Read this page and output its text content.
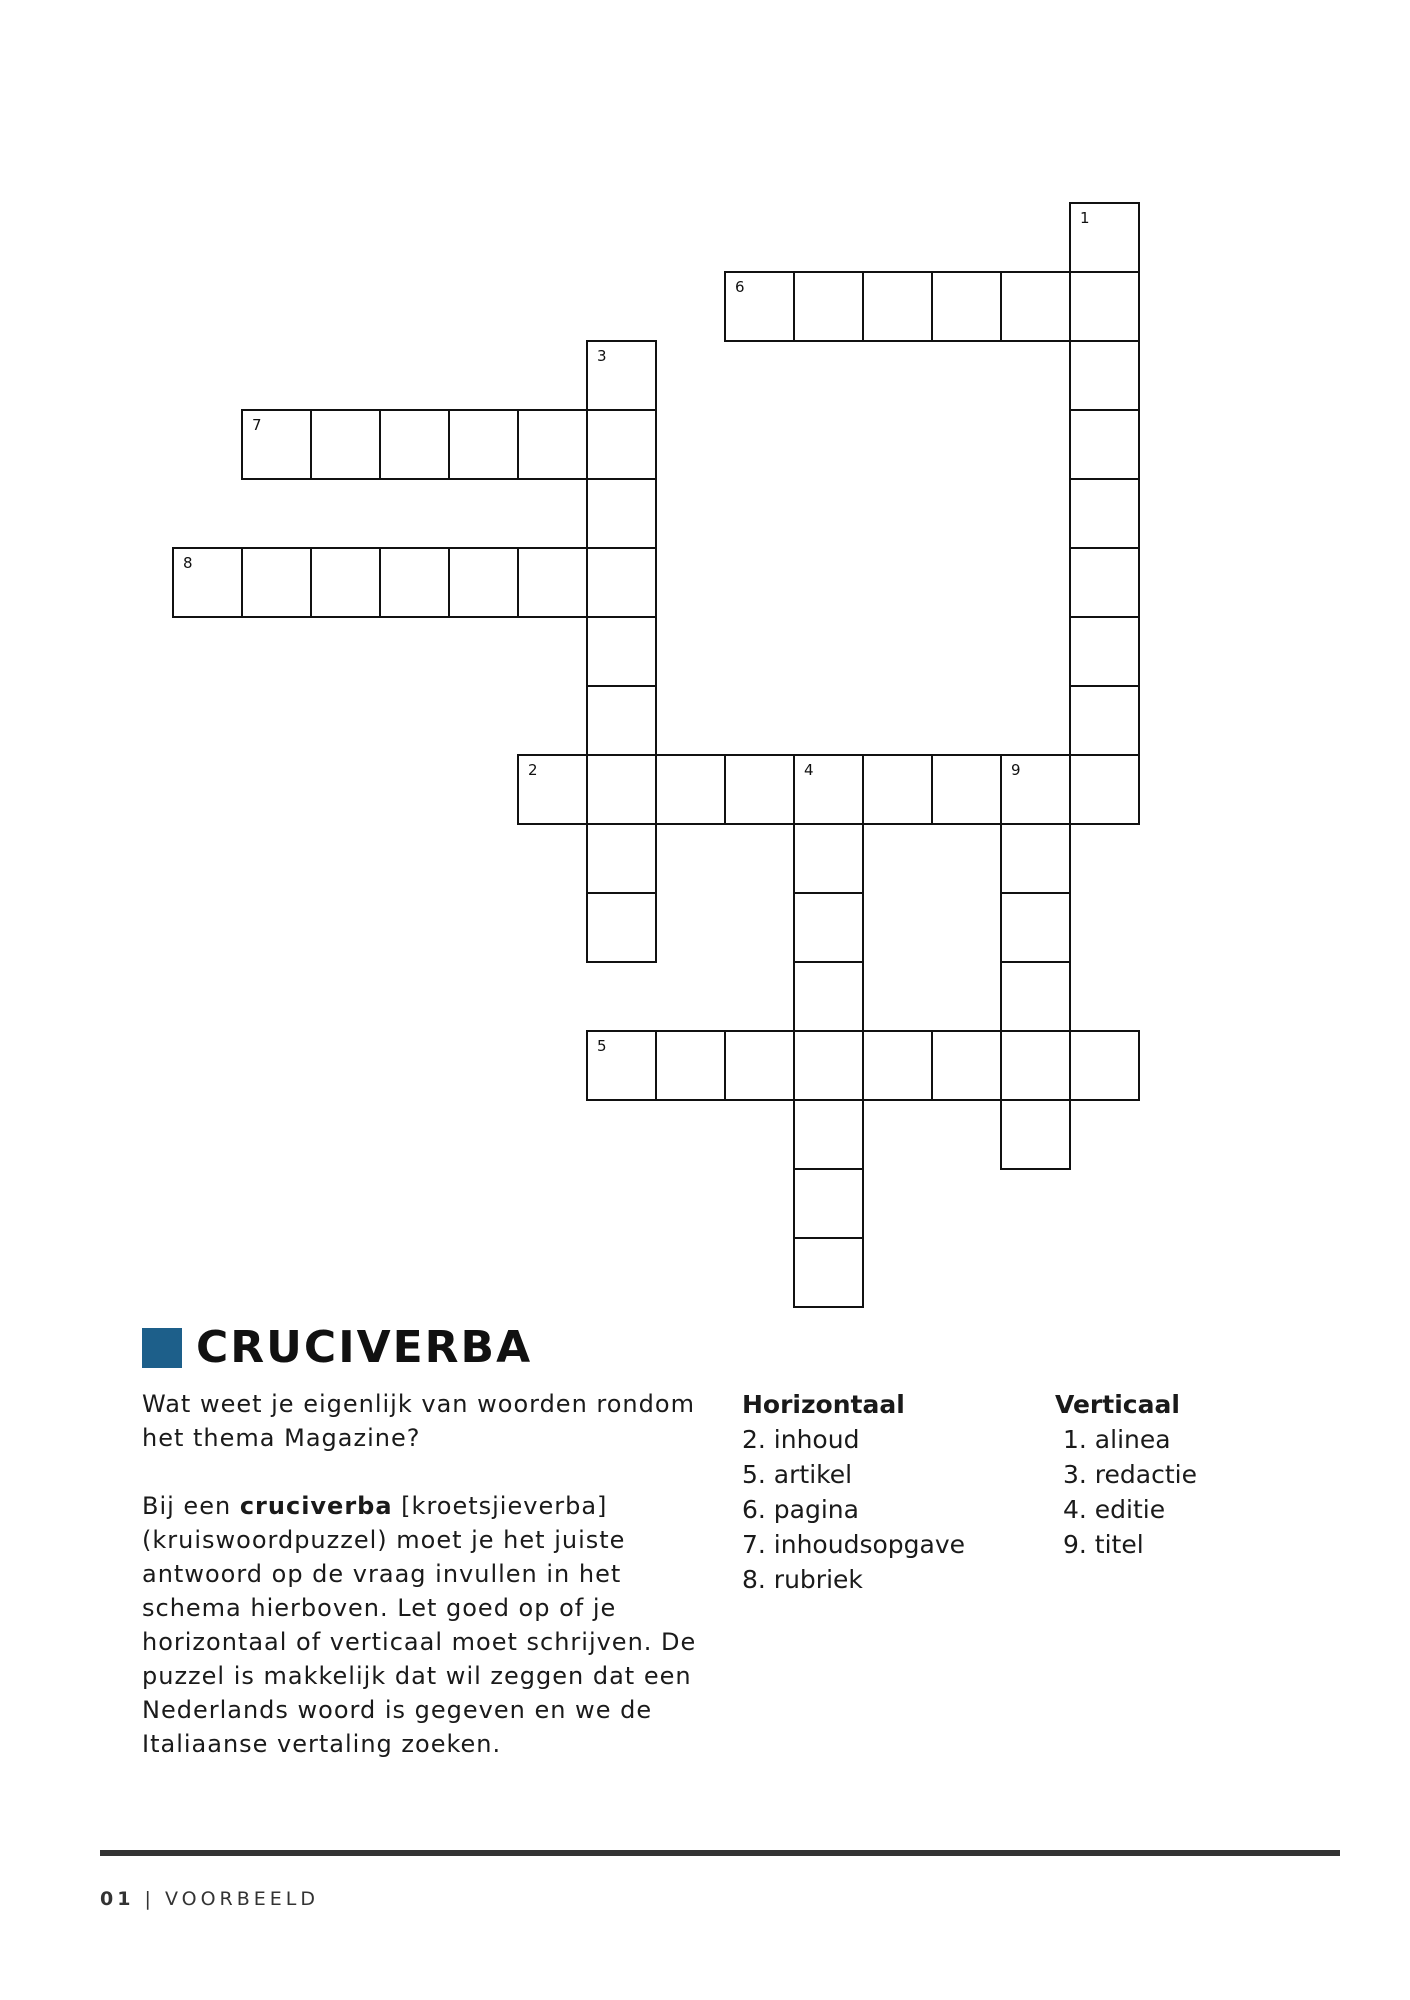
1
6
3
7
8
2	4	9
5
CRUCIVERBA

Wat weet je eigenlijk van woorden rondom het thema Magazine?

Bij een cruciverba [kroetsjieverba] (kruiswoordpuzzel) moet je het juiste antwoord op de vraag invullen in het schema hierboven. Let goed op of je horizontaal of verticaal moet schrijven. De puzzel is makkelijk dat wil zeggen dat een Nederlands woord is gegeven en we de Italiaanse vertaling zoeken.

Horizontaal
2. inhoud
5. artikel
6. pagina
7. inhoudsopgave
8. rubriek
Verticaal
1. alinea
3. redactie
4. editie
9. titel
01 | VOORBEELD
